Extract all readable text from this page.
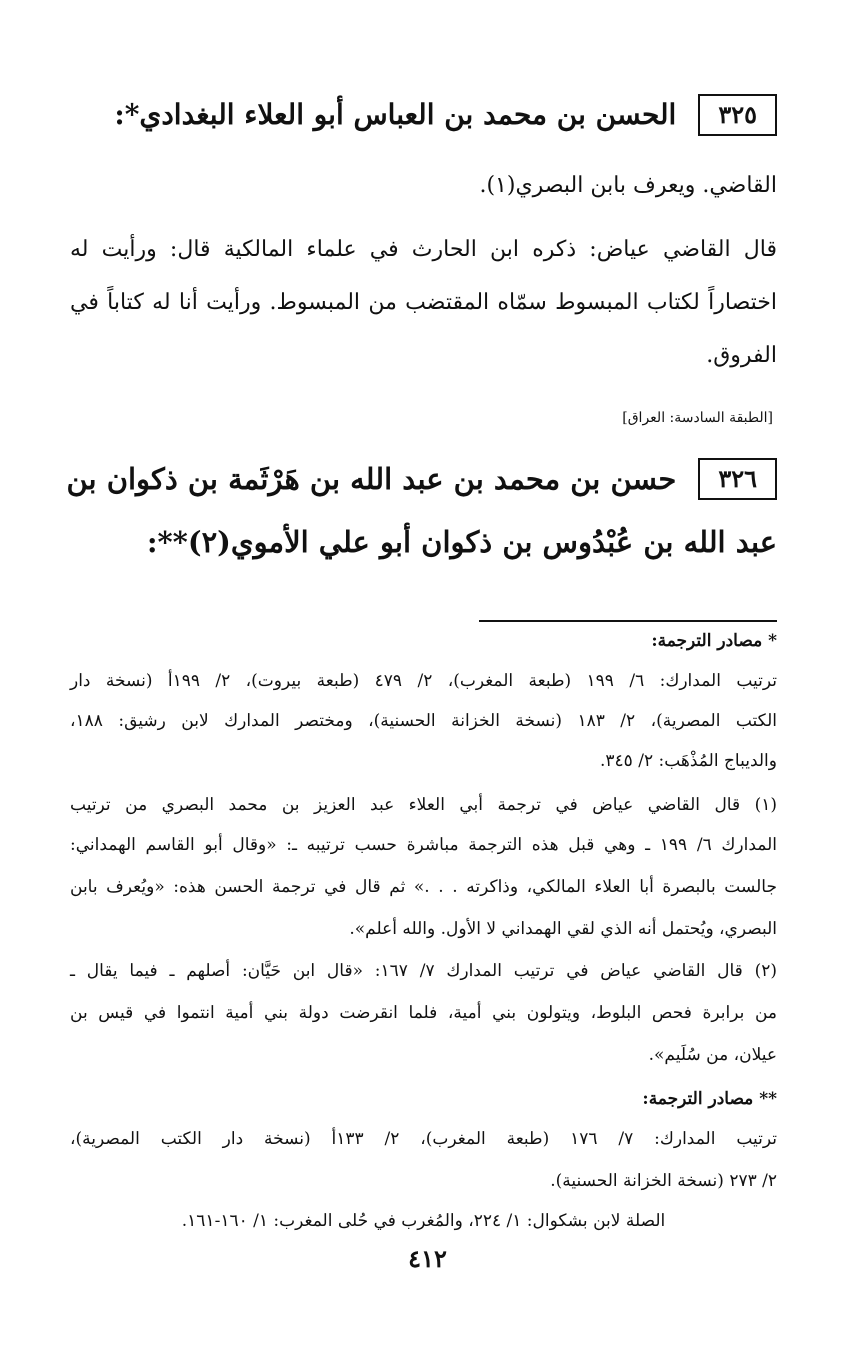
٣٢٥
الحسن بن محمد بن العباس أبو العلاء البغدادي*:
القاضي. ويعرف بابن البصري(١).
قال القاضي عياض: ذكره ابن الحارث في علماء المالكية قال: ورأيت له
اختصاراً لكتاب المبسوط سمّاه المقتضب من المبسوط. ورأيت أنا له كتاباً في
الفروق.
[الطبقة السادسة: العراق]
٣٢٦
حسن بن محمد بن عبد الله بن هَرْثَمة بن ذكوان بن
عبد الله بن عُبْدُوس بن ذكوان أبو علي الأموي(٢)**:
* مصادر الترجمة:
ترتيب المدارك: ٦/ ١٩٩ (طبعة المغرب)، ٢/ ٤٧٩ (طبعة بيروت)، ٢/ ١٩٩أ (نسخة دار
الكتب المصرية)، ٢/ ١٨٣ (نسخة الخزانة الحسنية)، ومختصر المدارك لابن رشيق: ١٨٨،
والديباج المُذْهَب: ٢/ ٣٤٥.
(١) قال القاضي عياض في ترجمة أبي العلاء عبد العزيز بن محمد البصري من ترتيب
المدارك ٦/ ١٩٩ ـ وهي قبل هذه الترجمة مباشرة حسب ترتيبه ـ: «وقال أبو القاسم الهمداني:
جالست بالبصرة أبا العلاء المالكي، وذاكرته . . .» ثم قال في ترجمة الحسن هذه: «ويُعرف بابن
البصري، ويُحتمل أنه الذي لقي الهمداني لا الأول. والله أعلم».
(٢) قال القاضي عياض في ترتيب المدارك ٧/ ١٦٧: «قال ابن حَيَّان: أصلهم ـ فيما يقال ـ
من برابرة فحص البلوط، ويتولون بني أمية، فلما انقرضت دولة بني أمية انتموا في قيس بن
عيلان، من سُلَيم».
** مصادر الترجمة:
ترتيب المدارك: ٧/ ١٧٦ (طبعة المغرب)، ٢/ ١٣٣أ (نسخة دار الكتب المصرية)،
٢/ ٢٧٣ (نسخة الخزانة الحسنية).
الصلة لابن بشكوال: ١/ ٢٢٤، والمُغرب في حُلى المغرب: ١/ ١٦٠-١٦١.
٤١٢
